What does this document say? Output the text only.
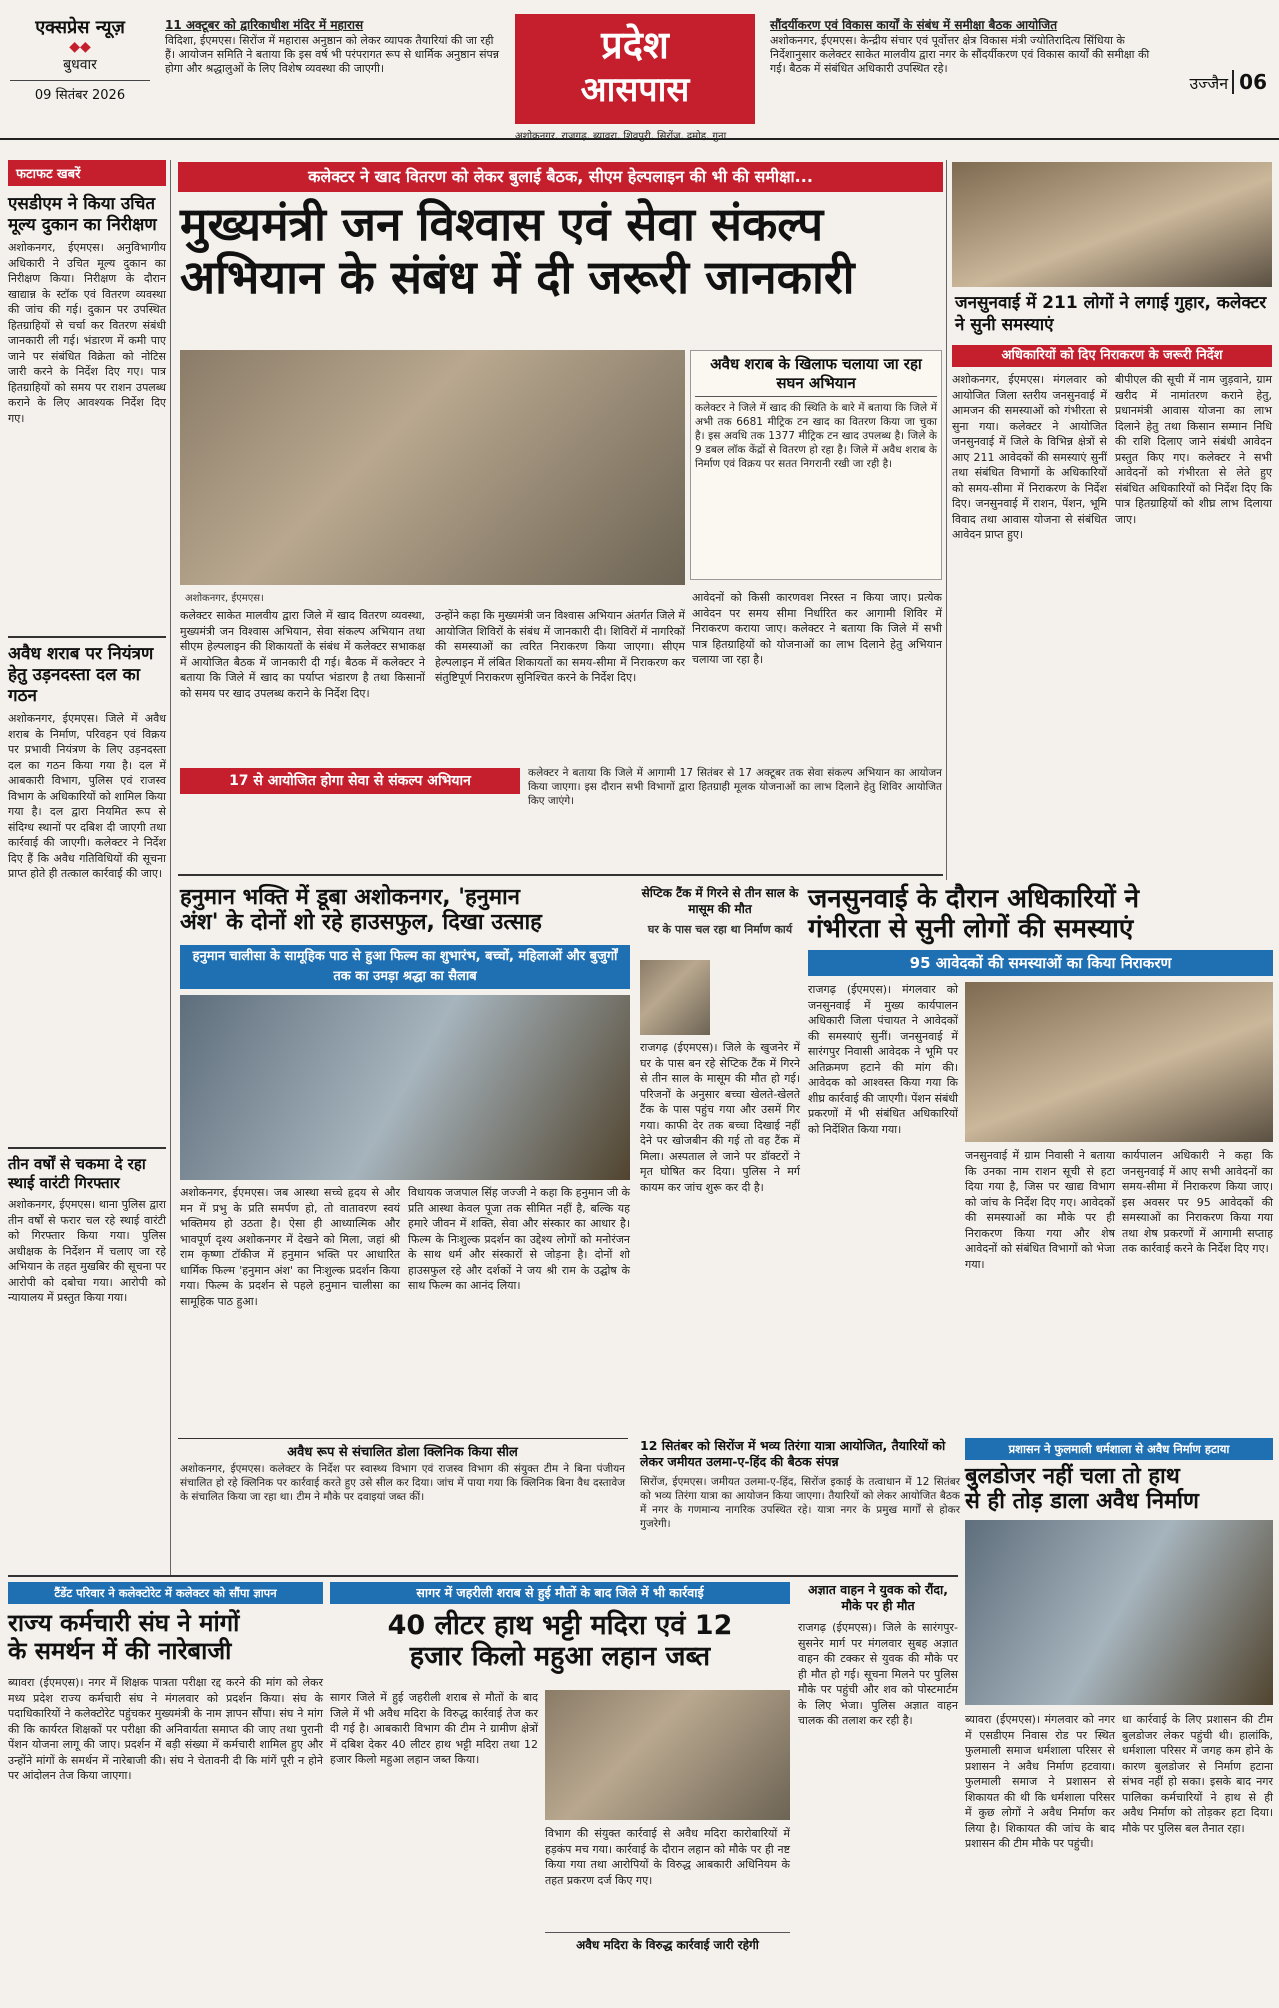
एक्सप्रेस न्यूज़
◆◆
बुधवार
09 सितंबर 2026
11 अक्टूबर को द्वारिकाधीश मंदिर में महारास
विदिशा, ईएमएस। सिरोंज में महारास अनुष्ठान को लेकर व्यापक तैयारियां की जा रही हैं। आयोजन समिति ने बताया कि इस वर्ष भी परंपरागत रूप से धार्मिक अनुष्ठान संपन्न होगा और श्रद्धालुओं के लिए विशेष व्यवस्था की जाएगी।
प्रदेश
आसपास
अशोकनगर, राजगढ़, ब्यावरा, शिवपुरी, सिरोंज, दमोह, गुना
सौंदर्यीकरण एवं विकास कार्यों के संबंध में समीक्षा बैठक आयोजित
अशोकनगर, ईएमएस। केन्द्रीय संचार एवं पूर्वोत्तर क्षेत्र विकास मंत्री ज्योतिरादित्य सिंधिया के निर्देशानुसार कलेक्टर साकेत मालवीय द्वारा नगर के सौंदर्यीकरण एवं विकास कार्यों की समीक्षा की गई। बैठक में संबंधित अधिकारी उपस्थित रहे।
उज्जैन 06
फटाफट खबरें
एसडीएम ने किया उचित मूल्य दुकान का निरीक्षण
अशोकनगर, ईएमएस। अनुविभागीय अधिकारी ने उचित मूल्य दुकान का निरीक्षण किया। निरीक्षण के दौरान खाद्यान्न के स्टॉक एवं वितरण व्यवस्था की जांच की गई। दुकान पर उपस्थित हितग्राहियों से चर्चा कर वितरण संबंधी जानकारी ली गई। भंडारण में कमी पाए जाने पर संबंधित विक्रेता को नोटिस जारी करने के निर्देश दिए गए। पात्र हितग्राहियों को समय पर राशन उपलब्ध कराने के लिए आवश्यक निर्देश दिए गए।
अवैध शराब पर नियंत्रण हेतु उड़नदस्ता दल का गठन
अशोकनगर, ईएमएस। जिले में अवैध शराब के निर्माण, परिवहन एवं विक्रय पर प्रभावी नियंत्रण के लिए उड़नदस्ता दल का गठन किया गया है। दल में आबकारी विभाग, पुलिस एवं राजस्व विभाग के अधिकारियों को शामिल किया गया है। दल द्वारा नियमित रूप से संदिग्ध स्थानों पर दबिश दी जाएगी तथा कार्रवाई की जाएगी। कलेक्टर ने निर्देश दिए हैं कि अवैध गतिविधियों की सूचना प्राप्त होते ही तत्काल कार्रवाई की जाए।
तीन वर्षों से चकमा दे रहा स्थाई वारंटी गिरफ्तार
अशोकनगर, ईएमएस। थाना पुलिस द्वारा तीन वर्षों से फरार चल रहे स्थाई वारंटी को गिरफ्तार किया गया। पुलिस अधीक्षक के निर्देशन में चलाए जा रहे अभियान के तहत मुखबिर की सूचना पर आरोपी को दबोचा गया। आरोपी को न्यायालय में प्रस्तुत किया गया।
कलेक्टर ने खाद वितरण को लेकर बुलाई बैठक, सीएम हेल्पलाइन की भी की समीक्षा...
मुख्यमंत्री जन विश्वास एवं सेवा संकल्प
अभियान के संबंध में दी जरूरी जानकारी
अशोकनगर, ईएमएस।
अवैध शराब के खिलाफ चलाया जा रहा सघन अभियान
कलेक्टर ने जिले में खाद की स्थिति के बारे में बताया कि जिले में अभी तक 6681 मीट्रिक टन खाद का वितरण किया जा चुका है। इस अवधि तक 1377 मीट्रिक टन खाद उपलब्ध है। जिले के 9 डबल लॉक केंद्रों से वितरण हो रहा है। जिले में अवैध शराब के निर्माण एवं विक्रय पर सतत निगरानी रखी जा रही है।
कलेक्टर साकेत मालवीय द्वारा जिले में खाद वितरण व्यवस्था, मुख्यमंत्री जन विश्वास अभियान, सेवा संकल्प अभियान तथा सीएम हेल्पलाइन की शिकायतों के संबंध में कलेक्टर सभाकक्ष में आयोजित बैठक में जानकारी दी गई। बैठक में कलेक्टर ने बताया कि जिले में खाद का पर्याप्त भंडारण है तथा किसानों को समय पर खाद उपलब्ध कराने के निर्देश दिए।
उन्होंने कहा कि मुख्यमंत्री जन विश्वास अभियान अंतर्गत जिले में आयोजित शिविरों के संबंध में जानकारी दी। शिविरों में नागरिकों की समस्याओं का त्वरित निराकरण किया जाएगा। सीएम हेल्पलाइन में लंबित शिकायतों का समय-सीमा में निराकरण कर संतुष्टिपूर्ण निराकरण सुनिश्चित करने के निर्देश दिए।
आवेदनों को किसी कारणवश निरस्त न किया जाए। प्रत्येक आवेदन पर समय सीमा निर्धारित कर आगामी शिविर में निराकरण कराया जाए। कलेक्टर ने बताया कि जिले में सभी पात्र हितग्राहियों को योजनाओं का लाभ दिलाने हेतु अभियान चलाया जा रहा है।
17 से आयोजित होगा सेवा से संकल्प अभियान	कलेक्टर ने बताया कि जिले में आगामी 17 सितंबर से 17 अक्टूबर तक सेवा संकल्प अभियान का आयोजन किया जाएगा। इस दौरान सभी विभागों द्वारा हितग्राही मूलक योजनाओं का लाभ दिलाने हेतु शिविर आयोजित किए जाएंगे।
जनसुनवाई में 211 लोगों ने लगाई गुहार, कलेक्टर ने सुनी समस्याएं
अधिकारियों को दिए निराकरण के जरूरी निर्देश
अशोकनगर, ईएमएस। मंगलवार को आयोजित जिला स्तरीय जनसुनवाई में आमजन की समस्याओं को गंभीरता से सुना गया। कलेक्टर ने आयोजित जनसुनवाई में जिले के विभिन्न क्षेत्रों से आए 211 आवेदकों की समस्याएं सुनीं तथा संबंधित विभागों के अधिकारियों को समय-सीमा में निराकरण के निर्देश दिए। जनसुनवाई में राशन, पेंशन, भूमि विवाद तथा आवास योजना से संबंधित आवेदन प्राप्त हुए।
बीपीएल की सूची में नाम जुड़वाने, ग्राम खरीद में नामांतरण कराने हेतु, प्रधानमंत्री आवास योजना का लाभ दिलाने हेतु तथा किसान सम्मान निधि की राशि दिलाए जाने संबंधी आवेदन प्रस्तुत किए गए। कलेक्टर ने सभी आवेदनों को गंभीरता से लेते हुए संबंधित अधिकारियों को निर्देश दिए कि पात्र हितग्राहियों को शीघ्र लाभ दिलाया जाए।
हनुमान भक्ति में डूबा अशोकनगर, 'हनुमान
अंश' के दोनों शो रहे हाउसफुल, दिखा उत्साह
हनुमान चालीसा के सामूहिक पाठ से हुआ फिल्म का शुभारंभ, बच्चों, महिलाओं और बुजुर्गों तक का उमड़ा श्रद्धा का सैलाब
अशोकनगर, ईएमएस। जब आस्था सच्चे हृदय से और मन में प्रभु के प्रति समर्पण हो, तो वातावरण स्वयं भक्तिमय हो उठता है। ऐसा ही आध्यात्मिक और भावपूर्ण दृश्य अशोकनगर में देखने को मिला, जहां श्री राम कृष्णा टॉकीज में हनुमान भक्ति पर आधारित धार्मिक फिल्म 'हनुमान अंश' का निःशुल्क प्रदर्शन किया गया। फिल्म के प्रदर्शन से पहले हनुमान चालीसा का सामूहिक पाठ हुआ।
विधायक जजपाल सिंह जज्जी ने कहा कि हनुमान जी के प्रति आस्था केवल पूजा तक सीमित नहीं है, बल्कि यह हमारे जीवन में शक्ति, सेवा और संस्कार का आधार है। फिल्म के निःशुल्क प्रदर्शन का उद्देश्य लोगों को मनोरंजन के साथ धर्म और संस्कारों से जोड़ना है। दोनों शो हाउसफुल रहे और दर्शकों ने जय श्री राम के उद्घोष के साथ फिल्म का आनंद लिया।
सेप्टिक टैंक में गिरने से तीन साल के मासूम की मौत
घर के पास चल रहा था निर्माण कार्य
राजगढ़ (ईएमएस)। जिले के खुजनेर में घर के पास बन रहे सेप्टिक टैंक में गिरने से तीन साल के मासूम की मौत हो गई। परिजनों के अनुसार बच्चा खेलते-खेलते टैंक के पास पहुंच गया और उसमें गिर गया। काफी देर तक बच्चा दिखाई नहीं देने पर खोजबीन की गई तो वह टैंक में मिला। अस्पताल ले जाने पर डॉक्टरों ने मृत घोषित कर दिया। पुलिस ने मर्ग कायम कर जांच शुरू कर दी है।
जनसुनवाई के दौरान अधिकारियों ने
गंभीरता से सुनी लोगों की समस्याएं
95 आवेदकों की समस्याओं का किया निराकरण
राजगढ़ (ईएमएस)। मंगलवार को जनसुनवाई में मुख्य कार्यपालन अधिकारी जिला पंचायत ने आवेदकों की समस्याएं सुनीं। जनसुनवाई में सारंगपुर निवासी आवेदक ने भूमि पर अतिक्रमण हटाने की मांग की। आवेदक को आश्वस्त किया गया कि शीघ्र कार्रवाई की जाएगी। पेंशन संबंधी प्रकरणों में भी संबंधित अधिकारियों को निर्देशित किया गया।
जनसुनवाई में ग्राम निवासी ने बताया कि उनका नाम राशन सूची से हटा दिया गया है, जिस पर खाद्य विभाग को जांच के निर्देश दिए गए। आवेदकों की समस्याओं का मौके पर ही निराकरण किया गया और शेष आवेदनों को संबंधित विभागों को भेजा गया।
कार्यपालन अधिकारी ने कहा कि जनसुनवाई में आए सभी आवेदनों का समय-सीमा में निराकरण किया जाए। इस अवसर पर 95 आवेदकों की समस्याओं का निराकरण किया गया तथा शेष प्रकरणों में आगामी सप्ताह तक कार्रवाई करने के निर्देश दिए गए।
अवैध रूप से संचालित डोला क्लिनिक किया सील
अशोकनगर, ईएमएस। कलेक्टर के निर्देश पर स्वास्थ्य विभाग एवं राजस्व विभाग की संयुक्त टीम ने बिना पंजीयन संचालित हो रहे क्लिनिक पर कार्रवाई करते हुए उसे सील कर दिया। जांच में पाया गया कि क्लिनिक बिना वैध दस्तावेज के संचालित किया जा रहा था। टीम ने मौके पर दवाइयां जब्त कीं।
12 सितंबर को सिरोंज में भव्य तिरंगा यात्रा आयोजित, तैयारियों को लेकर जमीयत उलमा-ए-हिंद की बैठक संपन्न
सिरोंज, ईएमएस। जमीयत उलमा-ए-हिंद, सिरोंज इकाई के तत्वाधान में 12 सितंबर को भव्य तिरंगा यात्रा का आयोजन किया जाएगा। तैयारियों को लेकर आयोजित बैठक में नगर के गणमान्य नागरिक उपस्थित रहे। यात्रा नगर के प्रमुख मार्गों से होकर गुजरेगी।
प्रशासन ने फुलमाली धर्मशाला से अवैध निर्माण हटाया
बुलडोजर नहीं चला तो हाथ
से ही तोड़ डाला अवैध निर्माण
ब्यावरा (ईएमएस)। मंगलवार को नगर में एसडीएम निवास रोड पर स्थित फुलमाली समाज धर्मशाला परिसर से प्रशासन ने अवैध निर्माण हटवाया। फुलमाली समाज ने प्रशासन से शिकायत की थी कि धर्मशाला परिसर में कुछ लोगों ने अवैध निर्माण कर लिया है। शिकायत की जांच के बाद प्रशासन की टीम मौके पर पहुंची।
धा कार्रवाई के लिए प्रशासन की टीम बुलडोजर लेकर पहुंची थी। हालांकि, धर्मशाला परिसर में जगह कम होने के कारण बुलडोजर से निर्माण हटाना संभव नहीं हो सका। इसके बाद नगर पालिका कर्मचारियों ने हाथ से ही अवैध निर्माण को तोड़कर हटा दिया। मौके पर पुलिस बल तैनात रहा।
टैंडेंट परिवार ने कलेक्टोरेट में कलेक्टर को सौंपा ज्ञापन
राज्य कर्मचारी संघ ने मांगों
के समर्थन में की नारेबाजी
ब्यावरा (ईएमएस)। नगर में शिक्षक पात्रता परीक्षा रद्द करने की मांग को लेकर मध्य प्रदेश राज्य कर्मचारी संघ ने मंगलवार को प्रदर्शन किया। संघ के पदाधिकारियों ने कलेक्टोरेट पहुंचकर मुख्यमंत्री के नाम ज्ञापन सौंपा। संघ ने मांग की कि कार्यरत शिक्षकों पर परीक्षा की अनिवार्यता समाप्त की जाए तथा पुरानी पेंशन योजना लागू की जाए। प्रदर्शन में बड़ी संख्या में कर्मचारी शामिल हुए और उन्होंने मांगों के समर्थन में नारेबाजी की। संघ ने चेतावनी दी कि मांगें पूरी न होने पर आंदोलन तेज किया जाएगा।
सागर में जहरीली शराब से हुई मौतों के बाद जिले में भी कार्रवाई
40 लीटर हाथ भट्टी मदिरा एवं 12
हजार किलो महुआ लहान जब्त
सागर जिले में हुई जहरीली शराब से मौतों के बाद जिले में भी अवैध मदिरा के विरुद्ध कार्रवाई तेज कर दी गई है। आबकारी विभाग की टीम ने ग्रामीण क्षेत्रों में दबिश देकर 40 लीटर हाथ भट्टी मदिरा तथा 12 हजार किलो महुआ लहान जब्त किया।
विभाग की संयुक्त कार्रवाई से अवैध मदिरा कारोबारियों में हड़कंप मच गया। कार्रवाई के दौरान लहान को मौके पर ही नष्ट किया गया तथा आरोपियों के विरुद्ध आबकारी अधिनियम के तहत प्रकरण दर्ज किए गए।
अवैध मदिरा के विरुद्ध कार्रवाई जारी रहेगी
अज्ञात वाहन ने युवक को रौंदा, मौके पर ही मौत
राजगढ़ (ईएमएस)। जिले के सारंगपुर-सुसनेर मार्ग पर मंगलवार सुबह अज्ञात वाहन की टक्कर से युवक की मौके पर ही मौत हो गई। सूचना मिलने पर पुलिस मौके पर पहुंची और शव को पोस्टमार्टम के लिए भेजा। पुलिस अज्ञात वाहन चालक की तलाश कर रही है।
